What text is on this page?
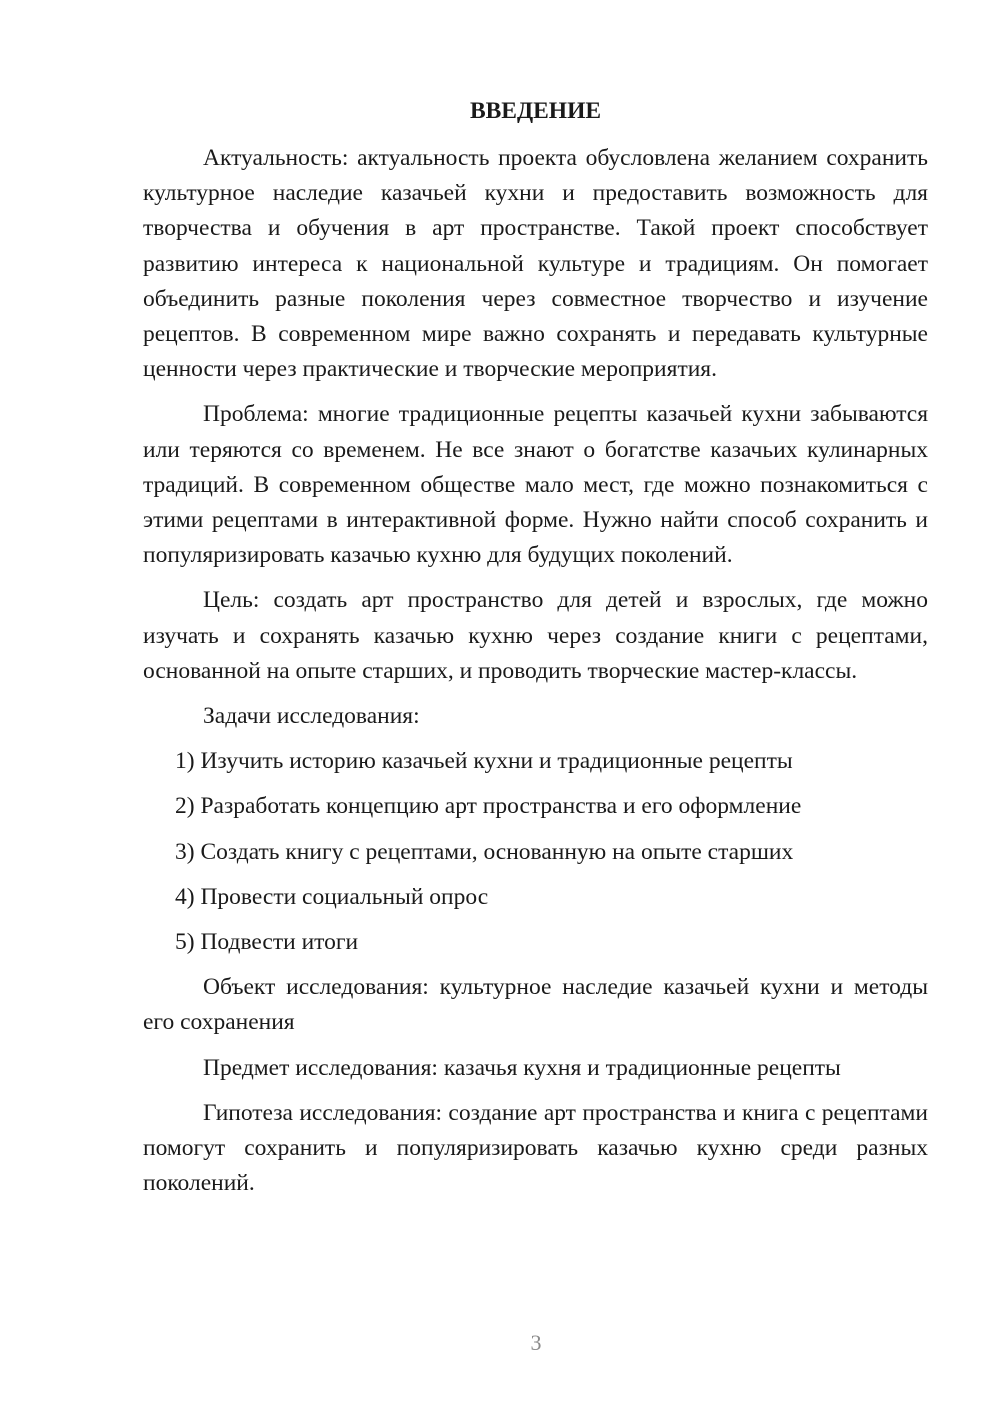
ВВЕДЕНИЕ

Актуальность: актуальность проекта обусловлена желанием сохранить культурное наследие казачьей кухни и предоставить возможность для творчества и обучения в арт пространстве. Такой проект способствует развитию интереса к национальной культуре и традициям. Он помогает объединить разные поколения через совместное творчество и изучение рецептов. В современном мире важно сохранять и передавать культурные ценности через практические и творческие мероприятия.

Проблема: многие традиционные рецепты казачьей кухни забываются или теряются со временем. Не все знают о богатстве казачьих кулинарных традиций. В современном обществе мало мест, где можно познакомиться с этими рецептами в интерактивной форме. Нужно найти способ сохранить и популяризировать казачью кухню для будущих поколений.

Цель: создать арт пространство для детей и взрослых, где можно изучать и сохранять казачью кухню через создание книги с рецептами, основанной на опыте старших, и проводить творческие мастер-классы.

Задачи исследования:

1) Изучить историю казачьей кухни и традиционные рецепты
2) Разработать концепцию арт пространства и его оформление
3) Создать книгу с рецептами, основанную на опыте старших
4) Провести социальный опрос
5) Подвести итоги

Объект исследования: культурное наследие казачьей кухни и методы его сохранения

Предмет исследования: казачья кухня и традиционные рецепты

Гипотеза исследования: создание арт пространства и книга с рецептами помогут сохранить и популяризировать казачью кухню среди разных поколений.

3
